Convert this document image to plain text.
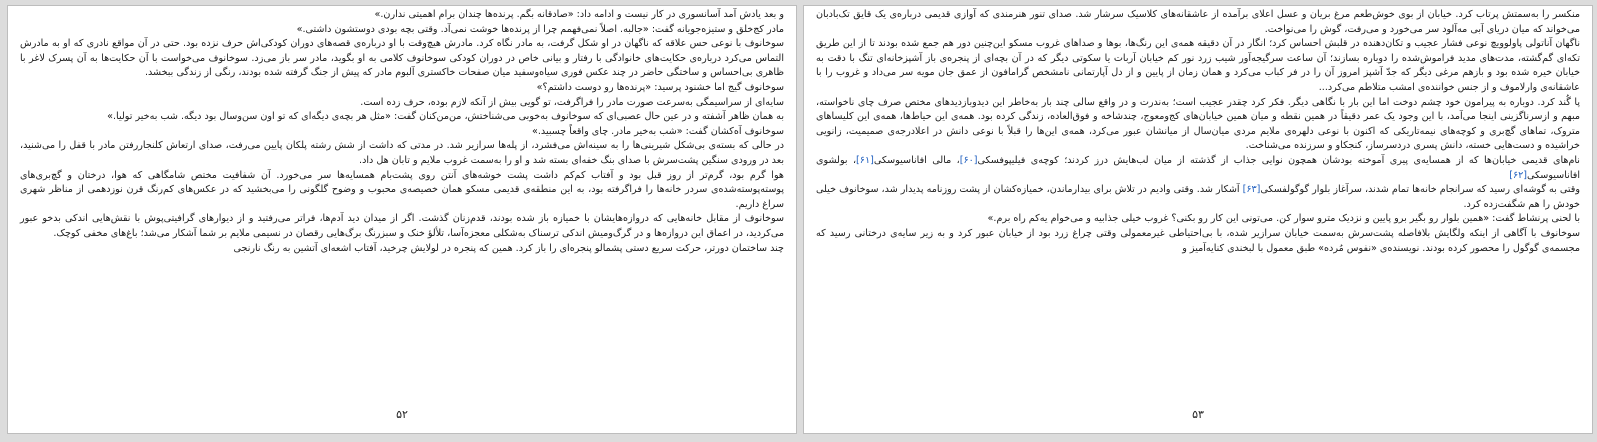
و بعد یادش آمد آسانسوری در کار نیست و ادامه داد: «صادقانه بگم. پرنده‌ها چندان برام اهمیتی ندارن.»

مادر کج‌خلق و ستیزه‌جویانه گفت: «جالبه. اصلاً نمی‌فهمم چرا از پرنده‌ها خوشت نمی‌آد. وقتی بچه بودی دوستشون داشتی.»

سوخانوف با نوعی حس علاقه که ناگهان در او شکل گرفت، به مادر نگاه کرد. مادرش هیچ‌وقت با او درباره‌ی قصه‌های دوران کودکی‌اش حرف نزده بود. حتی در آن مواقع نادری که او به مادرش التماس می‌کرد درباره‌ی حکایت‌های خانوادگی با رفتار و بیانی خاص در دوران کودکی سوخانوف کلامی به او بگوید، مادر سر باز می‌زد. سوخانوف می‌خواست با آن حکایت‌ها به آن پسرک لاغر با ظاهری بی‌احساس و ساختگی حاضر در چند عکس فوری سیاه‌وسفید میان صفحات خاکستری آلبوم مادر که پیش از جنگ گرفته شده بودند، رنگی از زندگی ببخشد.

سوخانوف گیج اما خشنود پرسید: «پرنده‌ها رو دوست داشتم؟»

سایه‌ای از سراسیمگی به‌سرعت صورت مادر را فراگرفت، تو گویی بیش از آنکه لازم بوده، حرف زده است.

به همان ظاهر آشفته و در عین حال عصبی‌ای که سوخانوف به‌خوبی می‌شناختش، من‌من‌کنان گفت: «مثل هر بچه‌ی دیگه‌ای که تو اون سن‌وسال بود دیگه. شب به‌خیر تولیا.»

سوخانوف آه‌کشان گفت: «شب به‌خیر مادر. چای واقعاً چسبید.»

در حالی که بسته‌ی بی‌شکل شیرینی‌ها را به سینه‌اش می‌فشرد، از پله‌ها سرازیر شد. در مدتی که داشت از شش رشته پلکان پایین می‌رفت، صدای ارتعاش کلنجاررفتن مادر با قفل را می‌شنید، بعد در ورودی سنگین پشت‌سرش با صدای بنگ خفه‌ای بسته شد و او را به‌سمت غروب ملایم و تابان هل داد.

هوا گرم بود، گرم‌تر از روز قبل بود و آفتاب کم‌کم داشت پشت خوشه‌های آنتن روی پشت‌بام همسایه‌ها سر می‌خورد. آن شفافیت مختص شامگاهی که هوا، درختان و گچ‌بری‌های پوسته‌پوسته‌شده‌ی سردر خانه‌ها را فراگرفته بود، به این منطقه‌ی قدیمی مسکو همان خصیصه‌ی محبوب و وضوح گلگونی را می‌بخشید که در عکس‌های کم‌رنگ قرن نوزدهمی از مناظر شهری سراغ داریم.

سوخانوف از مقابل خانه‌هایی که دروازه‌هایشان با خمیازه باز شده بودند، قدم‌زنان گذشت. اگر از میدان دید آدم‌ها، فراتر می‌رفتید و از دیوارهای گرافیتی‌پوش با نقش‌هایی اندکی بدخو عبور می‌کردید، در اعماق این دروازه‌ها و در گرگ‌ومیش اندکی ترسناک به‌شکلی معجزه‌آسا، تلألؤ خنک و سبزرنگ برگ‌هایی رقصان در نسیمی ملایم بر شما آشکار می‌شد؛ باغ‌های مخفی کوچک.

چند ساختمان دورتر، حرکت سریع دستی پشمالو پنجره‌ای را باز کرد. همین که پنجره در لولایش چرخید، آفتاب اشعه‌ای آتشین به رنگ نارنجی

۵۲

منکسر را به‌سمتش پرتاب کرد. خیابان از بوی خوش‌طعم مرغ بریان و عسل اعلای برآمده از عاشقانه‌های کلاسیک سرشار شد. صدای تنور هنرمندی که آوازی قدیمی درباره‌ی یک قایق تک‌بادبان می‌خواند که میان دریای آبی مه‌آلود سر می‌خورد و می‌رفت، گوش را می‌نواخت.

ناگهان آناتولی پاولوویچ نوعی فشار عجیب و تکان‌دهنده در قلبش احساس کرد؛ انگار در آن دقیقه همه‌ی این رنگ‌ها، بوها و صداهای غروب مسکو این‌چنین دور هم جمع شده بودند تا از این طریق تکه‌ای گم‌گشته، مدت‌های مدید فراموش‌شده را دوباره بسازند؛ آن ساعت سرگیجه‌آور شیب زرد نور کم خیابان آربات یا سکوتی دیگر که در آن بچه‌ای از پنجره‌ی باز آشپزخانه‌ای تنگ با دقت به خیابان خیره شده بود و بازهم مرغی دیگر که جدّ آشپز امروز آن را در فر کباب می‌کرد و همان زمان از پایین و از دل آپارتمانی نامشخص گرامافون از عمق جان مویه سر می‌داد و غروب را با عاشقانه‌ی وارلاموف و از جنس خواننده‌ی امشب متلاطم می‌کرد...

پا گُند کرد. دوباره به پیرامون خود چشم دوخت اما این بار با نگاهی دیگر. فکر کرد چقدر عجیب است؛ به‌ندرت و در واقع سالی چند بار به‌خاطر این دیدوبازدیدهای مختص صرف چای ناخواسته، مبهم و ازسرناگزینی اینجا می‌آمد، با این وجود یک عمر دقیقاً در همین نقطه و میان همین خیابان‌های کج‌ومعوج، چندشاخه و فوق‌العاده، زندگی کرده بود. همه‌ی این حیاط‌ها، همه‌ی این کلیساهای متروک، تماهای گچ‌بری و کوچه‌های نیمه‌تاریکی که اکنون با نوعی دلهره‌ی ملایم مردی میان‌سال از میانشان عبور می‌کرد، همه‌ی این‌ها را قبلاً با نوعی دانش در اعلادرجه‌ی صمیمیت، زانویی خراشیده و دست‌هایی خسته، دانش پسری دردسرساز، کنجکاو و سرزنده می‌شناخت.

نام‌های قدیمی خیابان‌ها که از همسایه‌ی پیری آموخته بودشان همچون نوایی جذاب از گذشته از میان لب‌هایش درز کردند؛ کوچه‌ی فیلیپوفسکی[۶۰]، مالی افاناسیوسکی[۶۱]، بولشوی افاناسیوسکی[۶۲]

وقتی به گوشه‌ای رسید که سرانجام خانه‌ها تمام شدند، سرآغاز بلوار گوگولفسکی[۶۳] آشکار شد. وقتی وادیم در تلاش برای بیدارماندن، خمیازه‌کشان از پشت روزنامه پدیدار شد، سوخانوف خیلی خودش را هم شگفت‌زده کرد.

با لحنی پرنشاط گفت: «همین بلوار رو بگیر برو پایین و نزدیک مترو سوار کن. می‌تونی این کار رو بکنی؟ غروب خیلی جذابیه و می‌خوام یه‌کم راه برم.»

سوخانوف با آگاهی از اینکه ولگایش بلافاصله پشت‌سرش به‌سمت خیابان سرازیر شده، با بی‌احتیاطی غیرمعمولی وقتی چراغ زرد بود از خیابان عبور کرد و به زیر سایه‌ی درختانی رسید که مجسمه‌ی گوگول را محصور کرده بودند. نویسنده‌ی «نفوس مُرده» طبق معمول با لبخندی کنایه‌آمیز و

۵۳
